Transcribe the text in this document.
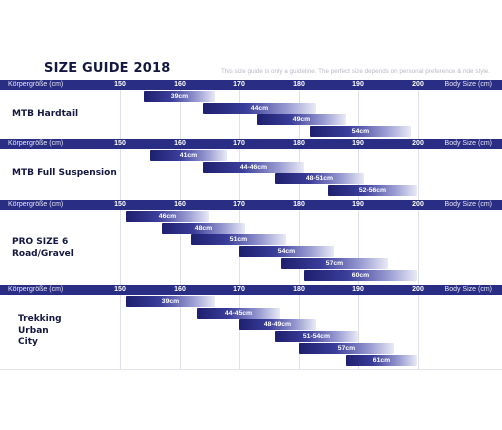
SIZE GUIDE 2018	This size guide is only a guideline. The perfect size depends on personal preference & ride style.
Körpergröße (cm)	150	160	170	180	190	200	Body Size (cm)
MTB Hardtail
39cm
44cm
49cm
54cm
Körpergröße (cm)	150	160	170	180	190	200	Body Size (cm)
MTB Full Suspension
41cm
44-46cm
48-51cm
52-56cm
Körpergröße (cm)	150	160	170	180	190	200	Body Size (cm)
PRO SIZE 6
Road/Gravel
46cm
48cm
51cm
54cm
57cm
60cm
Körpergröße (cm)	150	160	170	180	190	200	Body Size (cm)
Trekking
Urban
City
39cm
44-45cm
48-49cm
51-54cm
57cm
61cm
